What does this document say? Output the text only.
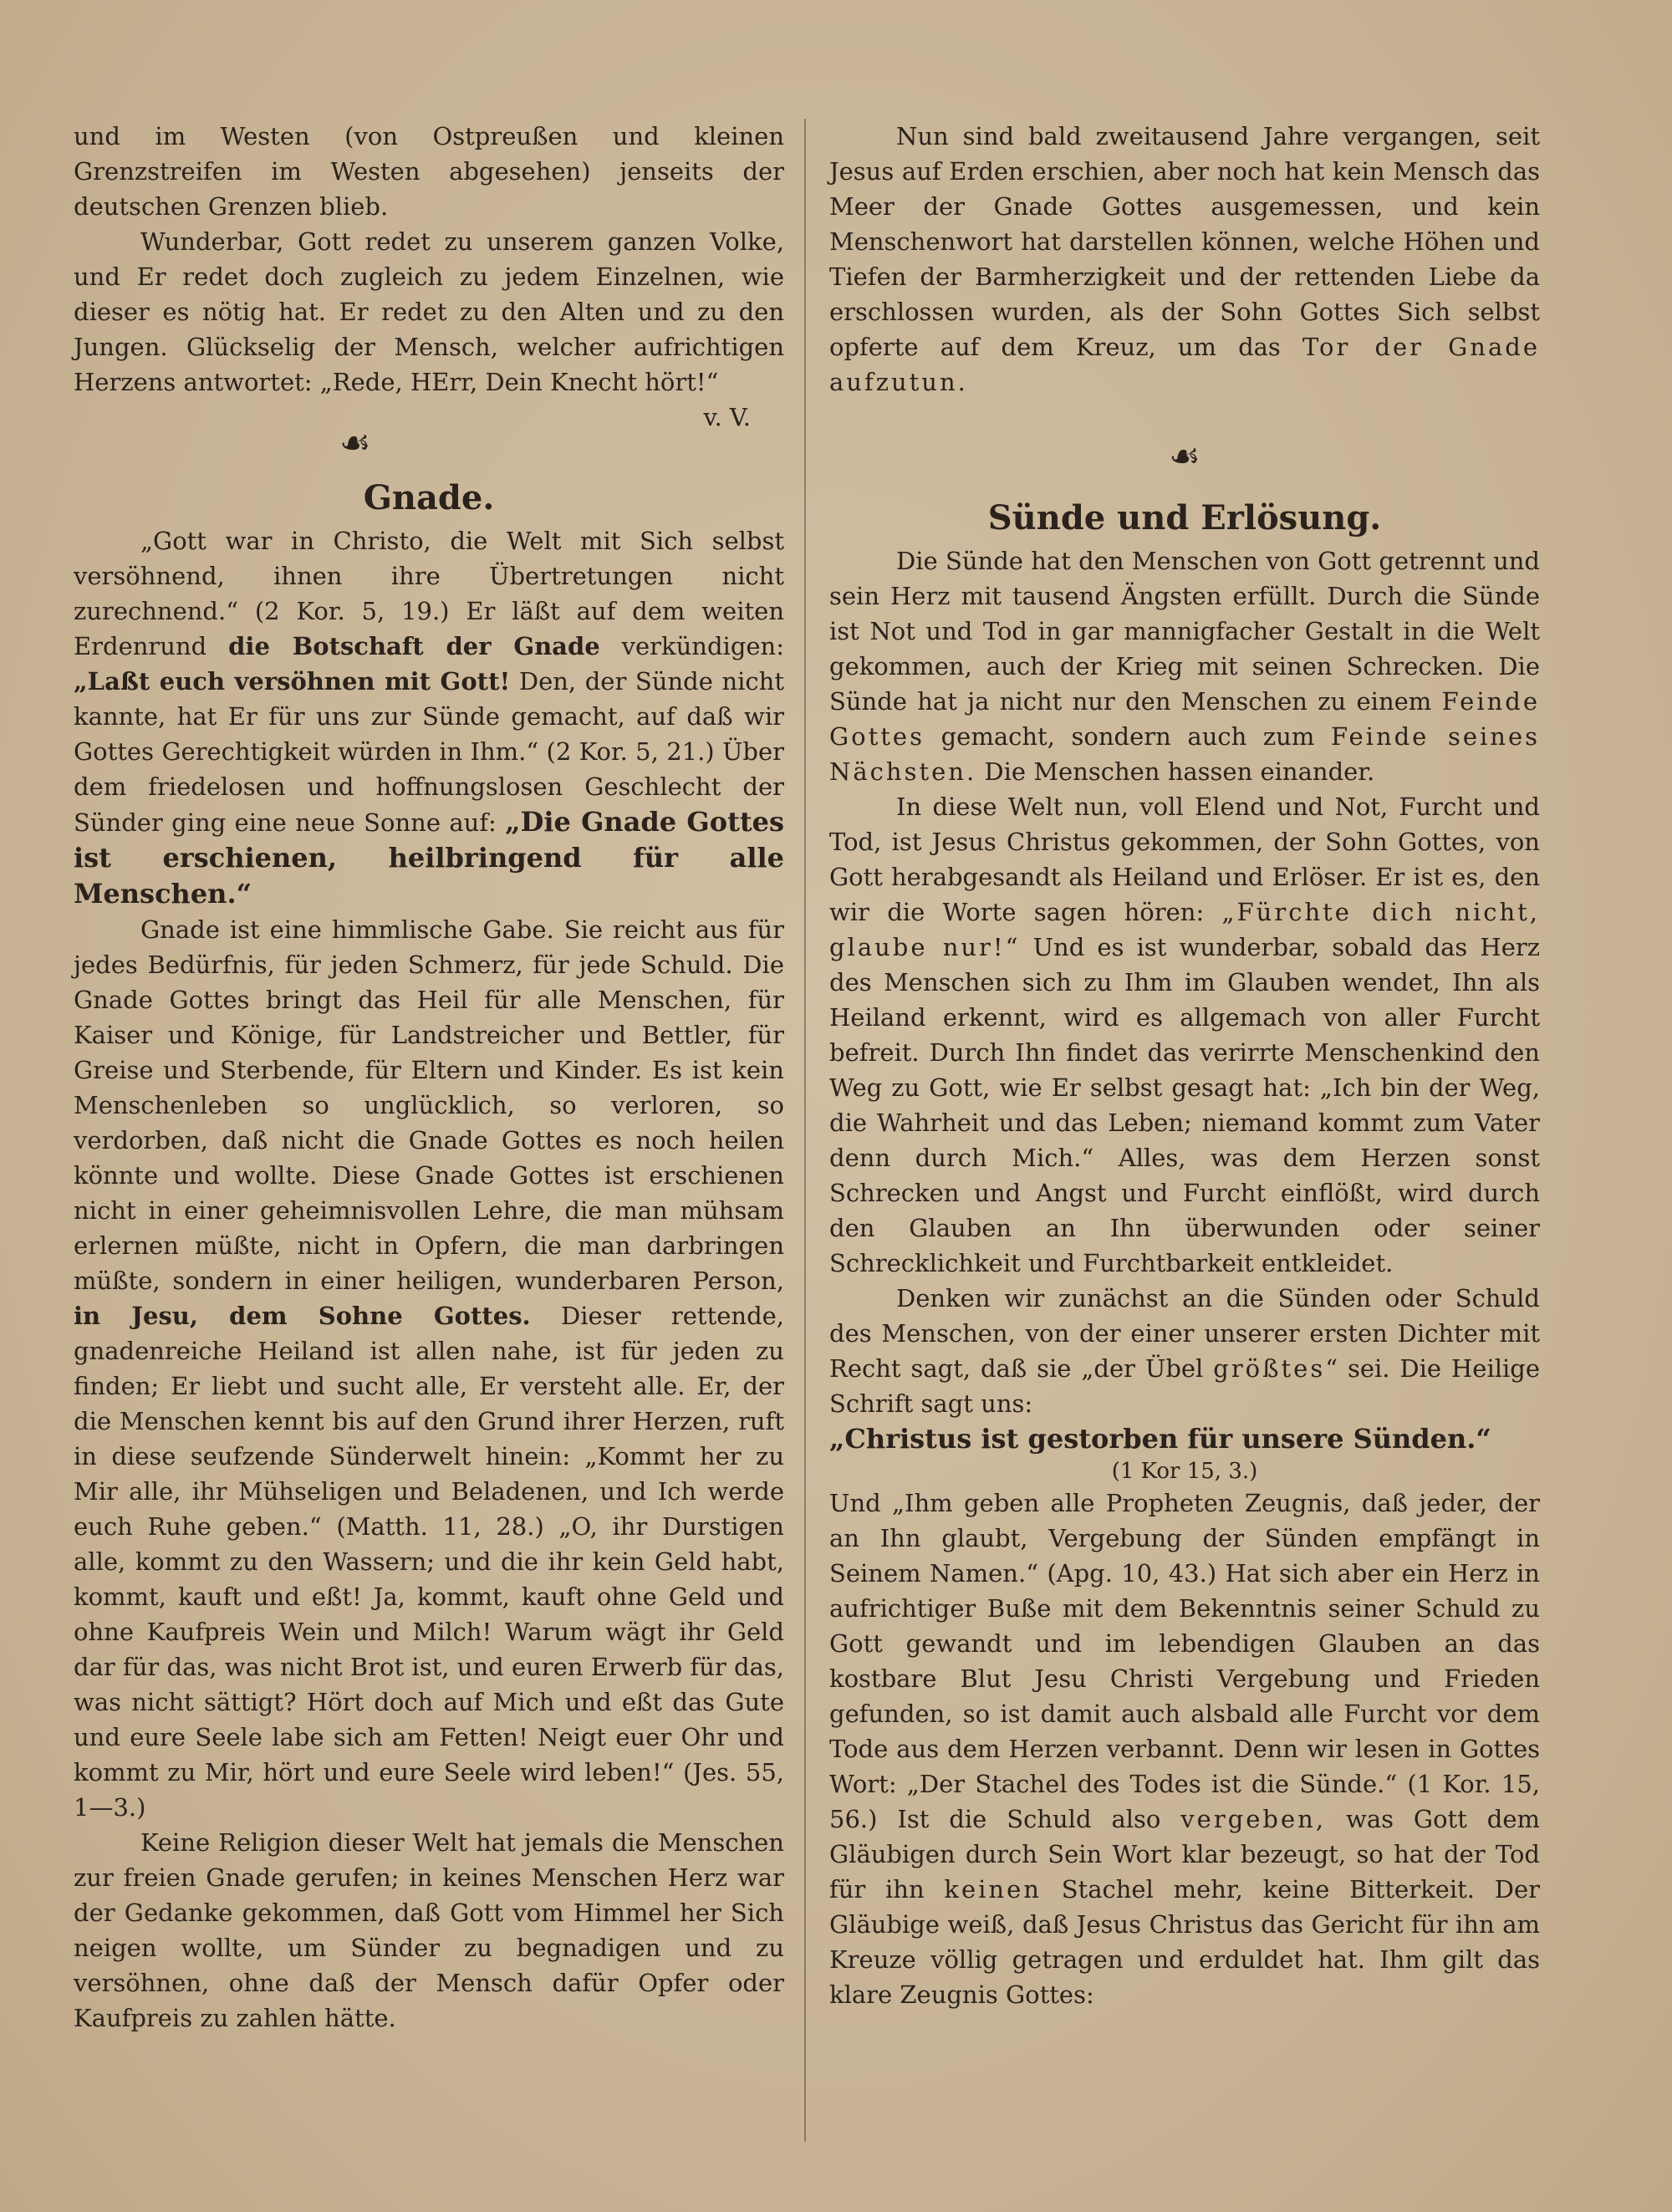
und im Westen (von Ostpreußen und kleinen Grenzstreifen im Westen abgesehen) jenseits der deutschen Grenzen blieb.

Wunderbar, Gott redet zu unserem ganzen Volke, und Er redet doch zugleich zu jedem Einzelnen, wie dieser es nötig hat. Er redet zu den Alten und zu den Jungen. Glückselig der Mensch, welcher aufrichtigen Herzens antwortet: „Rede, HErr, Dein Knecht hört!“
v. V.

☙
Gnade.

„Gott war in Christo, die Welt mit Sich selbst versöhnend, ihnen ihre Übertretungen nicht zurechnend.“ (2 Kor. 5, 19.) Er läßt auf dem weiten Erdenrund die Botschaft der Gnade verkündigen: „Laßt euch versöhnen mit Gott! Den, der Sünde nicht kannte, hat Er für uns zur Sünde gemacht, auf daß wir Gottes Gerechtigkeit würden in Ihm.“ (2 Kor. 5, 21.) Über dem friedelosen und hoffnungslosen Geschlecht der Sünder ging eine neue Sonne auf: „Die Gnade Gottes ist erschienen, heilbringend für alle Menschen.“

Gnade ist eine himmlische Gabe. Sie reicht aus für jedes Bedürfnis, für jeden Schmerz, für jede Schuld. Die Gnade Gottes bringt das Heil für alle Menschen, für Kaiser und Könige, für Landstreicher und Bettler, für Greise und Sterbende, für Eltern und Kinder. Es ist kein Menschenleben so unglücklich, so verloren, so verdorben, daß nicht die Gnade Gottes es noch heilen könnte und wollte. Diese Gnade Gottes ist erschienen nicht in einer geheimnisvollen Lehre, die man mühsam erlernen müßte, nicht in Opfern, die man darbringen müßte, sondern in einer heiligen, wunderbaren Person, in Jesu, dem Sohne Gottes. Dieser rettende, gnadenreiche Heiland ist allen nahe, ist für jeden zu finden; Er liebt und sucht alle, Er versteht alle. Er, der die Menschen kennt bis auf den Grund ihrer Herzen, ruft in diese seufzende Sünderwelt hinein: „Kommt her zu Mir alle, ihr Mühseligen und Beladenen, und Ich werde euch Ruhe geben.“ (Matth. 11, 28.) „O, ihr Durstigen alle, kommt zu den Wassern; und die ihr kein Geld habt, kommt, kauft und eßt! Ja, kommt, kauft ohne Geld und ohne Kaufpreis Wein und Milch! Warum wägt ihr Geld dar für das, was nicht Brot ist, und euren Erwerb für das, was nicht sättigt? Hört doch auf Mich und eßt das Gute und eure Seele labe sich am Fetten! Neigt euer Ohr und kommt zu Mir, hört und eure Seele wird leben!“ (Jes. 55, 1—3.)

Keine Religion dieser Welt hat jemals die Menschen zur freien Gnade gerufen; in keines Menschen Herz war der Gedanke gekommen, daß Gott vom Himmel her Sich neigen wollte, um Sünder zu begnadigen und zu versöhnen, ohne daß der Mensch dafür Opfer oder Kaufpreis zu zahlen hätte.

Nun sind bald zweitausend Jahre vergangen, seit Jesus auf Erden erschien, aber noch hat kein Mensch das Meer der Gnade Gottes ausgemessen, und kein Menschenwort hat darstellen können, welche Höhen und Tiefen der Barmherzigkeit und der rettenden Liebe da erschlossen wurden, als der Sohn Gottes Sich selbst opferte auf dem Kreuz, um das Tor der Gnade aufzutun.

☙
Sünde und Erlösung.

Die Sünde hat den Menschen von Gott getrennt und sein Herz mit tausend Ängsten erfüllt. Durch die Sünde ist Not und Tod in gar mannigfacher Gestalt in die Welt gekommen, auch der Krieg mit seinen Schrecken. Die Sünde hat ja nicht nur den Menschen zu einem Feinde Gottes gemacht, sondern auch zum Feinde seines Nächsten. Die Menschen hassen einander.

In diese Welt nun, voll Elend und Not, Furcht und Tod, ist Jesus Christus gekommen, der Sohn Gottes, von Gott herabgesandt als Heiland und Erlöser. Er ist es, den wir die Worte sagen hören: „Fürchte dich nicht, glaube nur!“ Und es ist wunderbar, sobald das Herz des Menschen sich zu Ihm im Glauben wendet, Ihn als Heiland erkennt, wird es allgemach von aller Furcht befreit. Durch Ihn findet das verirrte Menschenkind den Weg zu Gott, wie Er selbst gesagt hat: „Ich bin der Weg, die Wahrheit und das Leben; niemand kommt zum Vater denn durch Mich.“ Alles, was dem Herzen sonst Schrecken und Angst und Furcht einflößt, wird durch den Glauben an Ihn überwunden oder seiner Schrecklichkeit und Furchtbarkeit entkleidet.

Denken wir zunächst an die Sünden oder Schuld des Menschen, von der einer unserer ersten Dichter mit Recht sagt, daß sie „der Übel größtes“ sei. Die Heilige Schrift sagt uns:

„Christus ist gestorben für unsere Sünden.“

(1 Kor 15, 3.)

Und „Ihm geben alle Propheten Zeugnis, daß jeder, der an Ihn glaubt, Vergebung der Sünden empfängt in Seinem Namen.“ (Apg. 10, 43.) Hat sich aber ein Herz in aufrichtiger Buße mit dem Bekenntnis seiner Schuld zu Gott gewandt und im lebendigen Glauben an das kostbare Blut Jesu Christi Vergebung und Frieden gefunden, so ist damit auch alsbald alle Furcht vor dem Tode aus dem Herzen verbannt. Denn wir lesen in Gottes Wort: „Der Stachel des Todes ist die Sünde.“ (1 Kor. 15, 56.) Ist die Schuld also vergeben, was Gott dem Gläubigen durch Sein Wort klar bezeugt, so hat der Tod für ihn keinen Stachel mehr, keine Bitterkeit. Der Gläubige weiß, daß Jesus Christus das Gericht für ihn am Kreuze völlig getragen und erduldet hat. Ihm gilt das klare Zeugnis Gottes:
